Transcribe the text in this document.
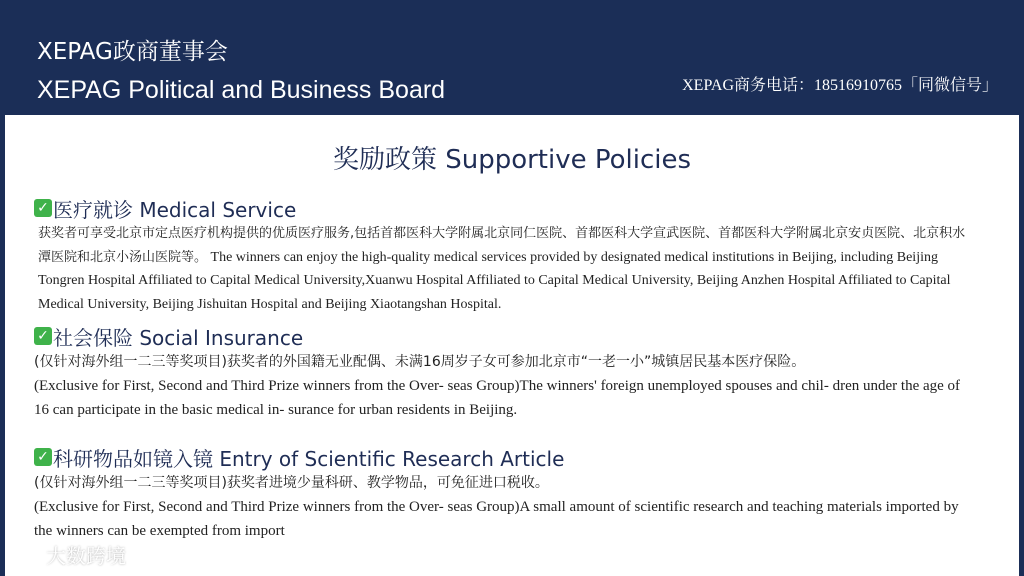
XEPAG政商董事会
XEPAG Political and Business Board	XEPAG商务电话：18516910765「同微信号」
奖励政策 Supportive Policies
✓ 医疗就诊 Medical Service
获奖者可享受北京市定点医疗机构提供的优质医疗服务,包括首都医科大学附属北京同仁医院、首都医科大学宣武医院、首都医科大学附属北京安贞医院、北京积水潭医院和北京小汤山医院等。 The winners can enjoy the high-quality medical services provided by designated medical institutions in Beijing, including Beijing Tongren Hospital Affiliated to Capital Medical University,Xuanwu Hospital Affiliated to Capital Medical University, Beijing Anzhen Hospital Affiliated to Capital Medical University, Beijing Jishuitan Hospital and Beijing Xiaotangshan Hospital.
✓ 社会保险 Social Insurance
(仅针对海外组一二三等奖项目)获奖者的外国籍无业配偶、未满16周岁子女可参加北京市“一老一小”城镇居民基本医疗保险。
(Exclusive for First, Second and Third Prize winners from the Over- seas Group)The winners' foreign unemployed spouses and chil- dren under the age of 16 can participate in the basic medical in- surance for urban residents in Beijing.
✓ 科研物品如镜入镜 Entry of Scientific Research Article
(仅针对海外组一二三等奖项目)获奖者进境少量科研、教学物品，可免征进口税收。
(Exclusive for First, Second and Third Prize winners from the Over- seas Group)A small amount of scientific research and teaching materials imported by the winners can be exempted from import
大数跨境
